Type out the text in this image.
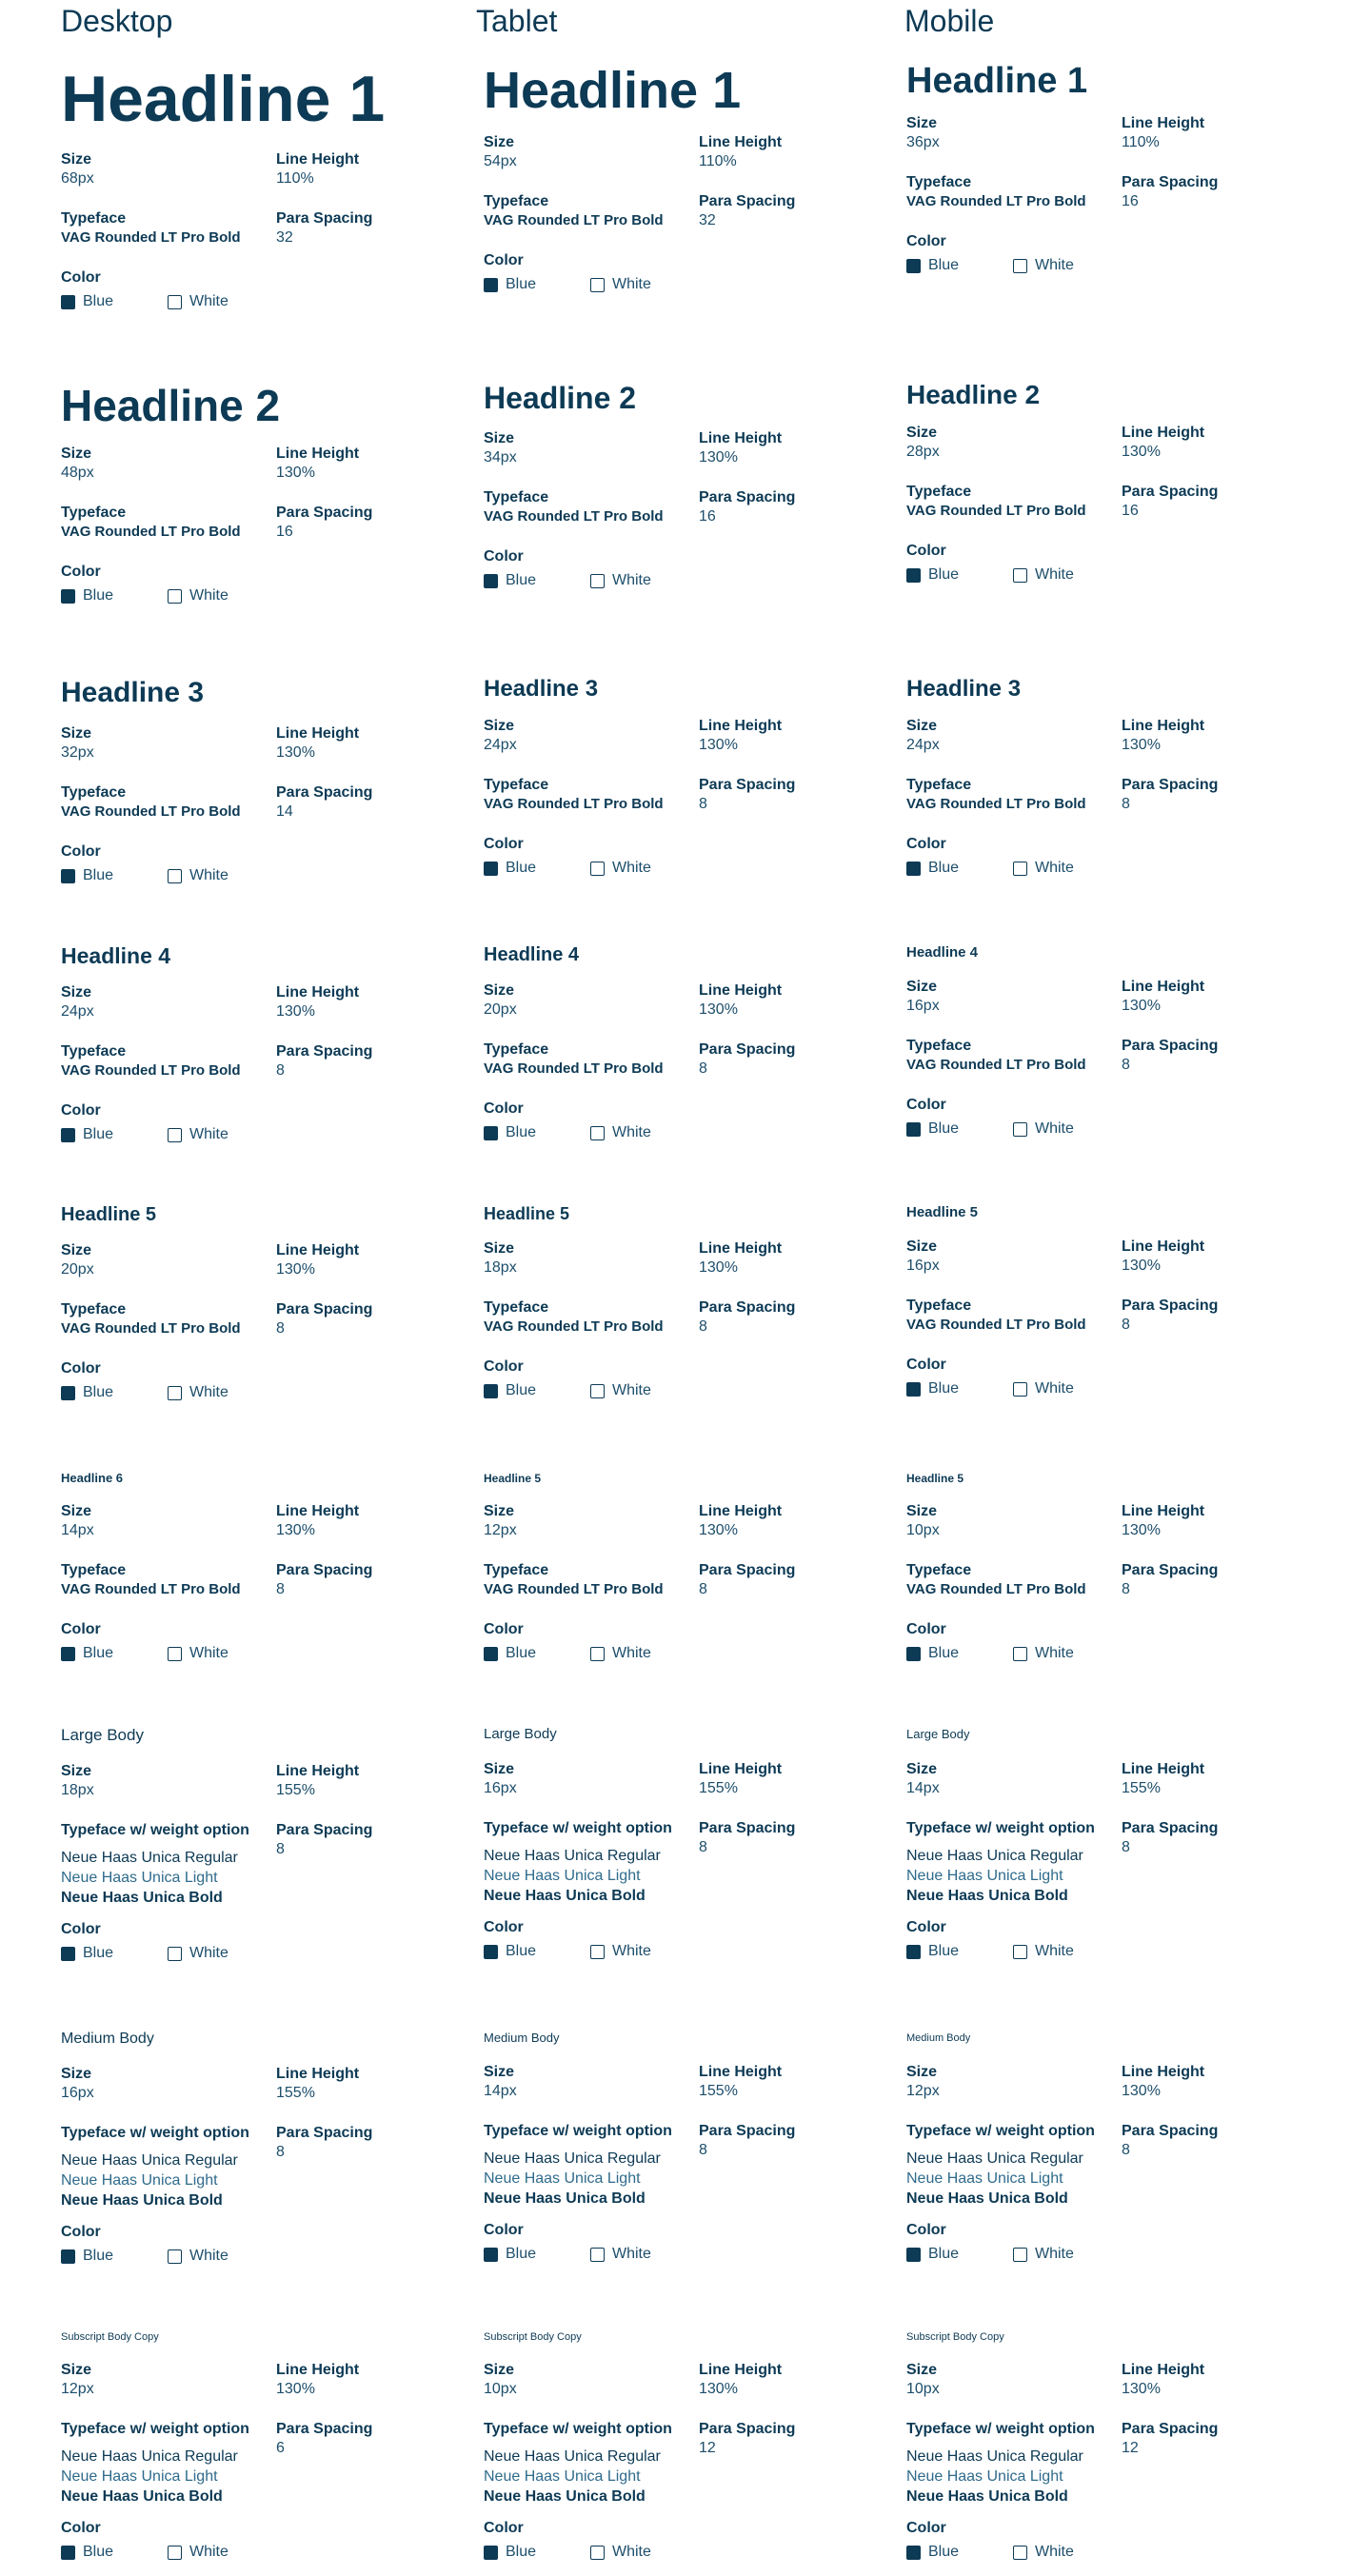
Desktop	Tablet	Mobile
Headline 1
Size
68px
Line Height
110%
Typeface
VAG Rounded LT Pro Bold
Para Spacing
32
Color
Blue	White
Headline 1
Size
54px
Line Height
110%
Typeface
VAG Rounded LT Pro Bold
Para Spacing
32
Color
Blue	White
Headline 1
Size
36px
Line Height
110%
Typeface
VAG Rounded LT Pro Bold
Para Spacing
16
Color
Blue	White
Headline 2
Size
48px
Line Height
130%
Typeface
VAG Rounded LT Pro Bold
Para Spacing
16
Color
Blue	White
Headline 2
Size
34px
Line Height
130%
Typeface
VAG Rounded LT Pro Bold
Para Spacing
16
Color
Blue	White
Headline 2
Size
28px
Line Height
130%
Typeface
VAG Rounded LT Pro Bold
Para Spacing
16
Color
Blue	White
Headline 3
Size
32px
Line Height
130%
Typeface
VAG Rounded LT Pro Bold
Para Spacing
14
Color
Blue	White
Headline 3
Size
24px
Line Height
130%
Typeface
VAG Rounded LT Pro Bold
Para Spacing
8
Color
Blue	White
Headline 3
Size
24px
Line Height
130%
Typeface
VAG Rounded LT Pro Bold
Para Spacing
8
Color
Blue	White
Headline 4
Size
24px
Line Height
130%
Typeface
VAG Rounded LT Pro Bold
Para Spacing
8
Color
Blue	White
Headline 4
Size
20px
Line Height
130%
Typeface
VAG Rounded LT Pro Bold
Para Spacing
8
Color
Blue	White
Headline 4
Size
16px
Line Height
130%
Typeface
VAG Rounded LT Pro Bold
Para Spacing
8
Color
Blue	White
Headline 5
Size
20px
Line Height
130%
Typeface
VAG Rounded LT Pro Bold
Para Spacing
8
Color
Blue	White
Headline 5
Size
18px
Line Height
130%
Typeface
VAG Rounded LT Pro Bold
Para Spacing
8
Color
Blue	White
Headline 5
Size
16px
Line Height
130%
Typeface
VAG Rounded LT Pro Bold
Para Spacing
8
Color
Blue	White
Headline 6
Size
14px
Line Height
130%
Typeface
VAG Rounded LT Pro Bold
Para Spacing
8
Color
Blue	White
Headline 5
Size
12px
Line Height
130%
Typeface
VAG Rounded LT Pro Bold
Para Spacing
8
Color
Blue	White
Headline 5
Size
10px
Line Height
130%
Typeface
VAG Rounded LT Pro Bold
Para Spacing
8
Color
Blue	White
Large Body
Size
18px
Line Height
155%
Typeface w/ weight option
Neue Haas Unica Regular
Neue Haas Unica Light
Neue Haas Unica Bold
Para Spacing
8
Color
Blue	White
Large Body
Size
16px
Line Height
155%
Typeface w/ weight option
Neue Haas Unica Regular
Neue Haas Unica Light
Neue Haas Unica Bold
Para Spacing
8
Color
Blue	White
Large Body
Size
14px
Line Height
155%
Typeface w/ weight option
Neue Haas Unica Regular
Neue Haas Unica Light
Neue Haas Unica Bold
Para Spacing
8
Color
Blue	White
Medium Body
Size
16px
Line Height
155%
Typeface w/ weight option
Neue Haas Unica Regular
Neue Haas Unica Light
Neue Haas Unica Bold
Para Spacing
8
Color
Blue	White
Medium Body
Size
14px
Line Height
155%
Typeface w/ weight option
Neue Haas Unica Regular
Neue Haas Unica Light
Neue Haas Unica Bold
Para Spacing
8
Color
Blue	White
Medium Body
Size
12px
Line Height
130%
Typeface w/ weight option
Neue Haas Unica Regular
Neue Haas Unica Light
Neue Haas Unica Bold
Para Spacing
8
Color
Blue	White
Subscript Body Copy
Size
12px
Line Height
130%
Typeface w/ weight option
Neue Haas Unica Regular
Neue Haas Unica Light
Neue Haas Unica Bold
Para Spacing
6
Color
Blue	White
Subscript Body Copy
Size
10px
Line Height
130%
Typeface w/ weight option
Neue Haas Unica Regular
Neue Haas Unica Light
Neue Haas Unica Bold
Para Spacing
12
Color
Blue	White
Subscript Body Copy
Size
10px
Line Height
130%
Typeface w/ weight option
Neue Haas Unica Regular
Neue Haas Unica Light
Neue Haas Unica Bold
Para Spacing
12
Color
Blue	White
